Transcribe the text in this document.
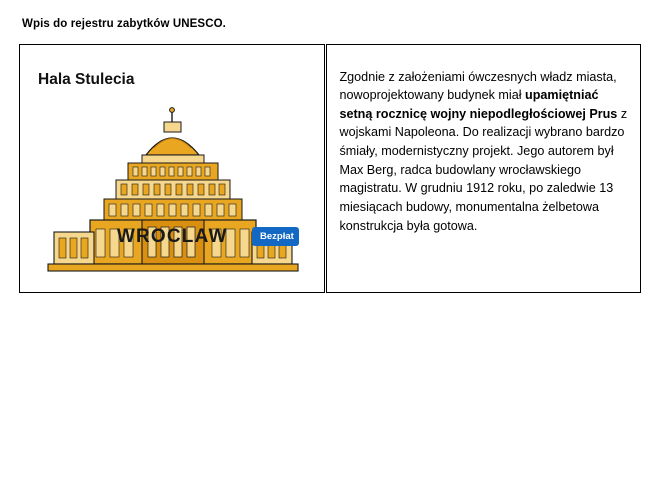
Wpis do rejestru zabytków UNESCO.
Hala Stulecia
WROCLAW	Bezpłat

Zgodnie z założeniami ówczesnych władz miasta, nowoprojektowany budynek miał upamiętniać setną rocznicę wojny niepodległościowej Prus z wojskami Napoleona. Do realizacji wybrano bardzo śmiały, modernistyczny projekt. Jego autorem był Max Berg, radca budowlany wrocławskiego magistratu. W grudniu 1912 roku, po zaledwie 13 miesiącach budowy, monumentalna żelbetowa konstrukcja była gotowa.
